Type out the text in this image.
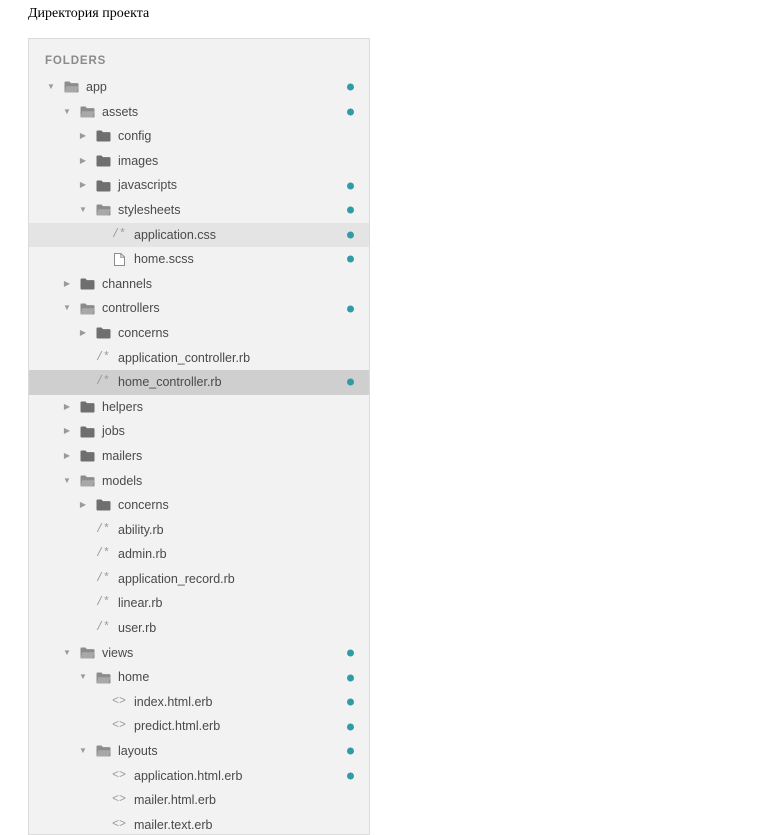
Директория проекта
FOLDERS
▼ app
▼ assets
▶	config
▶	images
▶	javascripts
▼ stylesheets
/* application.css
home.scss
▶	channels
▼ controllers
▶	concerns
/* application_controller.rb
/* home_controller.rb
▶	helpers
▶	jobs
▶	mailers
▼ models
▶	concerns
/* ability.rb
/* admin.rb
/* application_record.rb
/* linear.rb
/* user.rb
▼ views
▼ home
<> index.html.erb
<> predict.html.erb
▼ layouts
<> application.html.erb
<> mailer.html.erb
<> mailer.text.erb
